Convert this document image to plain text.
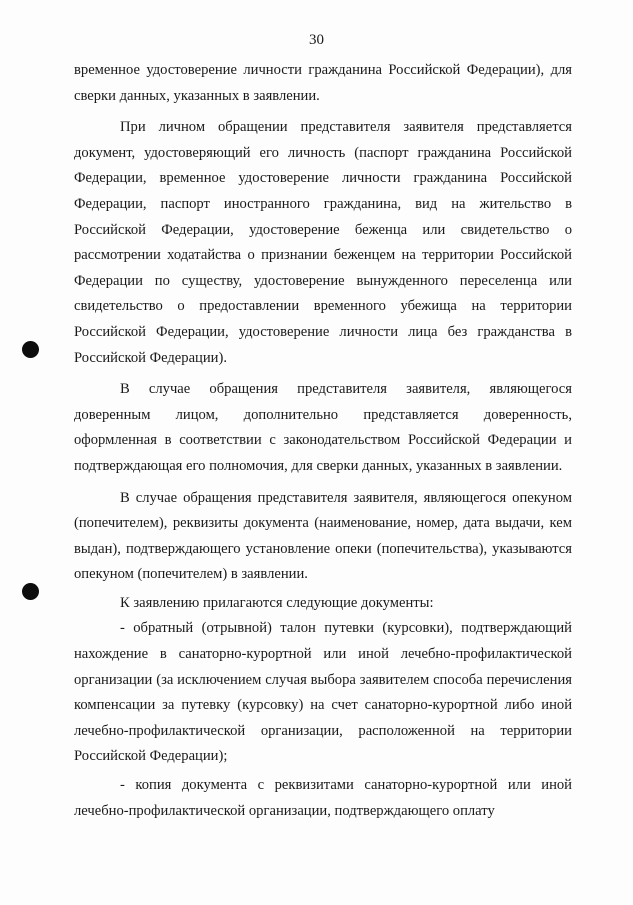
30

временное удостоверение личности гражданина Российской Федерации), для сверки данных, указанных в заявлении.

При личном обращении представителя заявителя представляется документ, удостоверяющий его личность (паспорт гражданина Российской Федерации, временное удостоверение личности гражданина Российской Федерации, паспорт иностранного гражданина, вид на жительство в Российской Федерации, удостоверение беженца или свидетельство о рассмотрении ходатайства о признании беженцем на территории Российской Федерации по существу, удостоверение вынужденного переселенца или свидетельство о предоставлении временного убежища на территории Российской Федерации, удостоверение личности лица без гражданства в Российской Федерации).

В случае обращения представителя заявителя, являющегося доверенным лицом, дополнительно представляется доверенность, оформленная в соответствии с законодательством Российской Федерации и подтверждающая его полномочия, для сверки данных, указанных в заявлении.

В случае обращения представителя заявителя, являющегося опекуном (попечителем), реквизиты документа (наименование, номер, дата выдачи, кем выдан), подтверждающего установление опеки (попечительства), указываются опекуном (попечителем) в заявлении.

К заявлению прилагаются следующие документы:

- обратный (отрывной) талон путевки (курсовки), подтверждающий нахождение в санаторно-курортной или иной лечебно-профилактической организации (за исключением случая выбора заявителем способа перечисления компенсации за путевку (курсовку) на счет санаторно-курортной либо иной лечебно-профилактической организации, расположенной на территории Российской Федерации);

- копия документа с реквизитами санаторно-курортной или иной лечебно-профилактической организации, подтверждающего оплату
